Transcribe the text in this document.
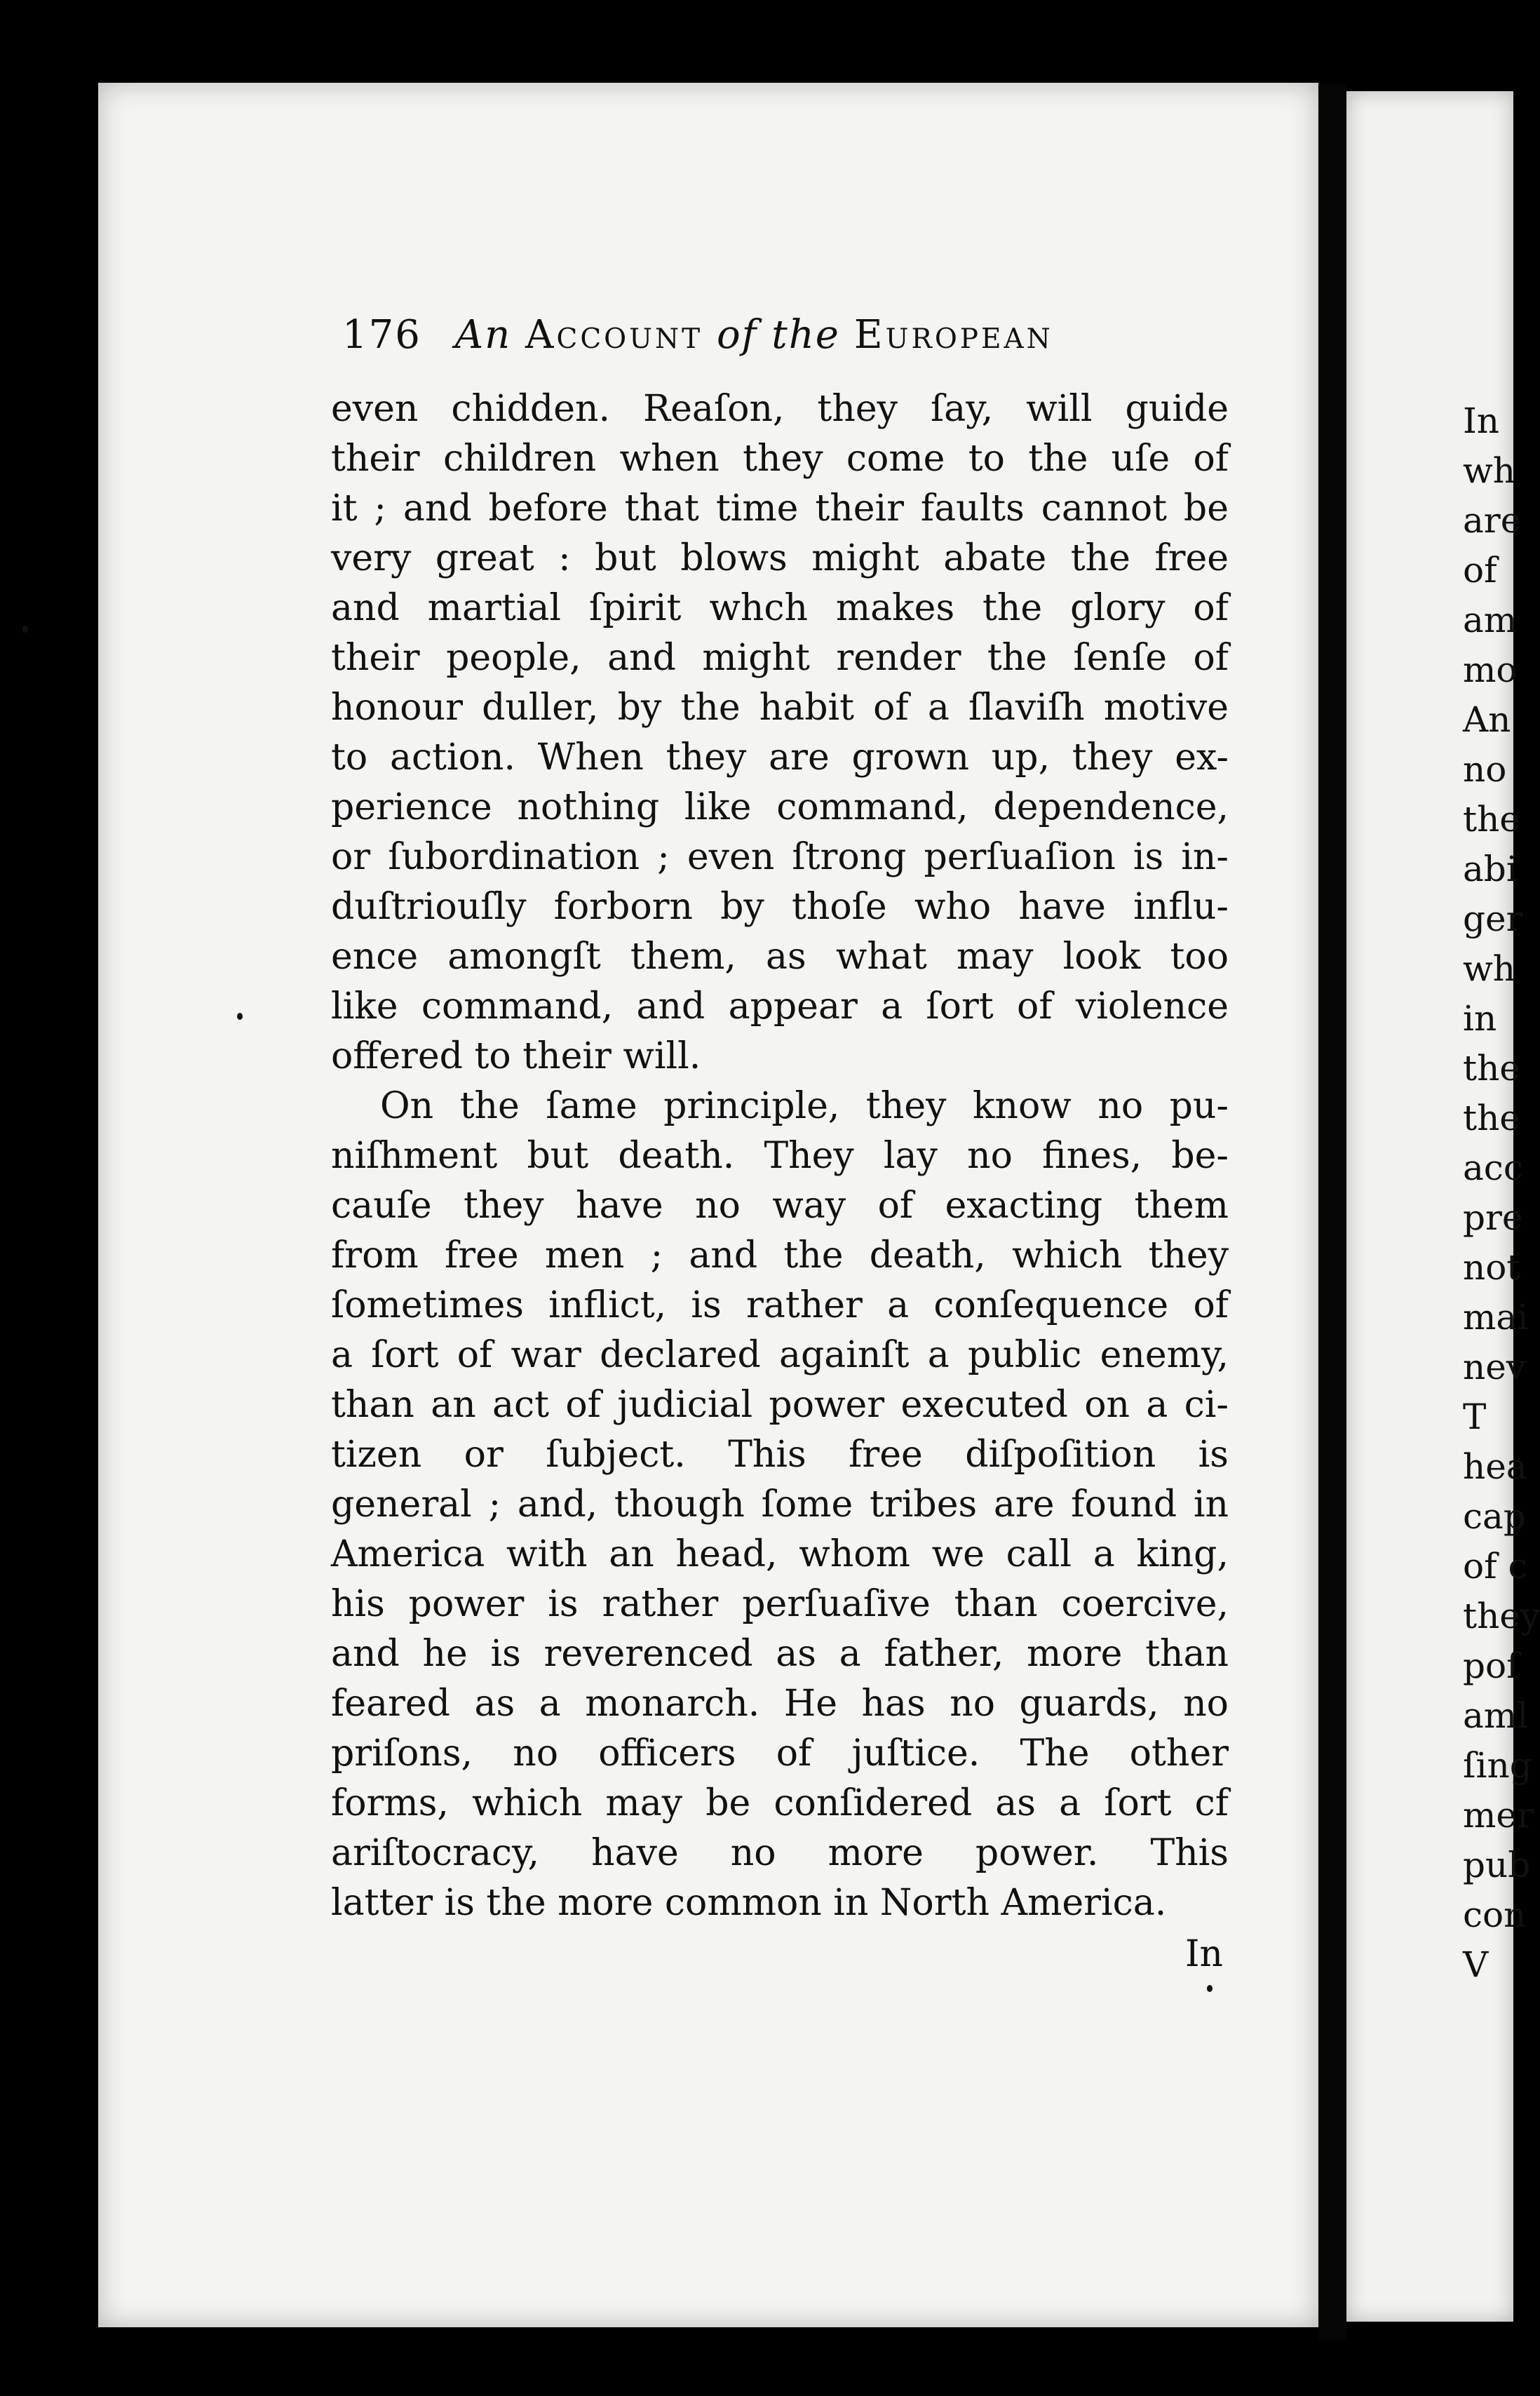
176 An Account of the European
even chidden. Reaſon, they ſay, will guide
their children when they come to the uſe of
it ; and before that time their faults cannot be
very great : but blows might abate the free
and martial ſpirit whch makes the glory of
their people, and might render the ſenſe of
honour duller, by the habit of a ſlaviſh motive
to action. When they are grown up, they ex-
perience nothing like command, dependence,
or ſubordination ; even ſtrong perſuaſion is in-
duſtriouſly forborn by thoſe who have influ-
ence amongſt them, as what may look too
like command, and appear a ſort of violence
offered to their will.
On the ſame principle, they know no pu-
niſhment but death. They lay no fines, be-
cauſe they have no way of exacting them
from free men ; and the death, which they
ſometimes inflict, is rather a conſequence of
a ſort of war declared againſt a public enemy,
than an act of judicial power executed on a ci-
tizen or ſubject. This free diſpoſition is
general ; and, though ſome tribes are found in
America with an head, whom we call a king,
his power is rather perſuaſive than coercive,
and he is reverenced as a father, more than
feared as a monarch. He has no guards, no
priſons, no officers of juſtice. The other
forms, which may be conſidered as a ſort cf
ariſtocracy, have no more power. This
latter is the more common in North America.
In
In
wh
are
of
am
mo
An
no
the
abi
ger
wh
in
the
the
acc
pre
not
mai
nev
T
hea
cap
of c
they
poſ
aml
ſing
mer
pub
con
V
